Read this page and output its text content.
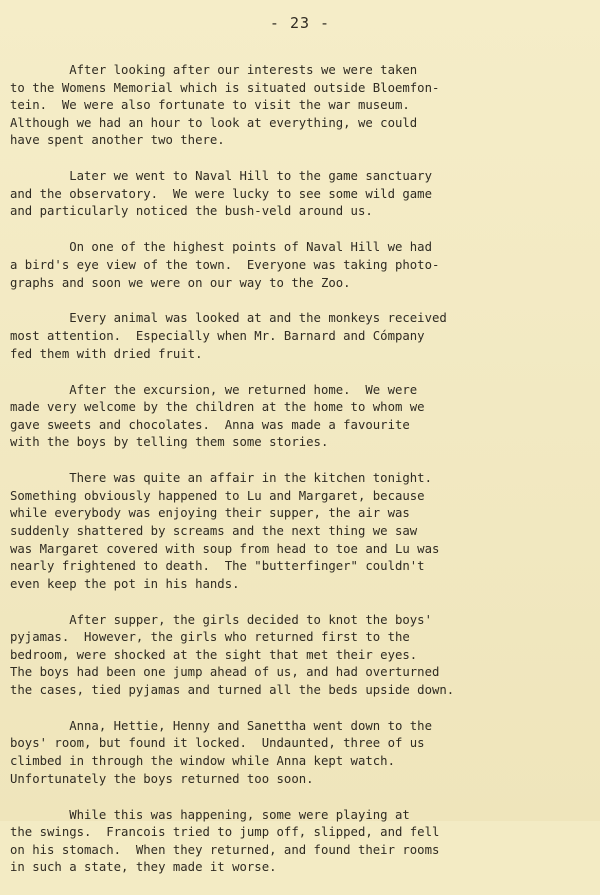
- 23 -
After looking after our interests we were taken
to the Womens Memorial which is situated outside Bloemfon-
tein.  We were also fortunate to visit the war museum.
Although we had an hour to look at everything, we could
have spent another two there.
Later we went to Naval Hill to the game sanctuary
and the observatory.  We were lucky to see some wild game
and particularly noticed the bush-veld around us.
On one of the highest points of Naval Hill we had
a bird's eye view of the town.  Everyone was taking photo-
graphs and soon we were on our way to the Zoo.
Every animal was looked at and the monkeys received
most attention.  Especially when Mr. Barnard and Cómpany
fed them with dried fruit.
After the excursion, we returned home.  We were
made very welcome by the children at the home to whom we
gave sweets and chocolates.  Anna was made a favourite
with the boys by telling them some stories.
There was quite an affair in the kitchen tonight.
Something obviously happened to Lu and Margaret, because
while everybody was enjoying their supper, the air was
suddenly shattered by screams and the next thing we saw
was Margaret covered with soup from head to toe and Lu was
nearly frightened to death.  The "butterfinger" couldn't
even keep the pot in his hands.
After supper, the girls decided to knot the boys'
pyjamas.  However, the girls who returned first to the
bedroom, were shocked at the sight that met their eyes.
The boys had been one jump ahead of us, and had overturned
the cases, tied pyjamas and turned all the beds upside down.
Anna, Hettie, Henny and Sanettha went down to the
boys' room, but found it locked.  Undaunted, three of us
climbed in through the window while Anna kept watch.
Unfortunately the boys returned too soon.
While this was happening, some were playing at
the swings.  Francois tried to jump off, slipped, and fell
on his stomach.  When they returned, and found their rooms
in such a state, they made it worse.
